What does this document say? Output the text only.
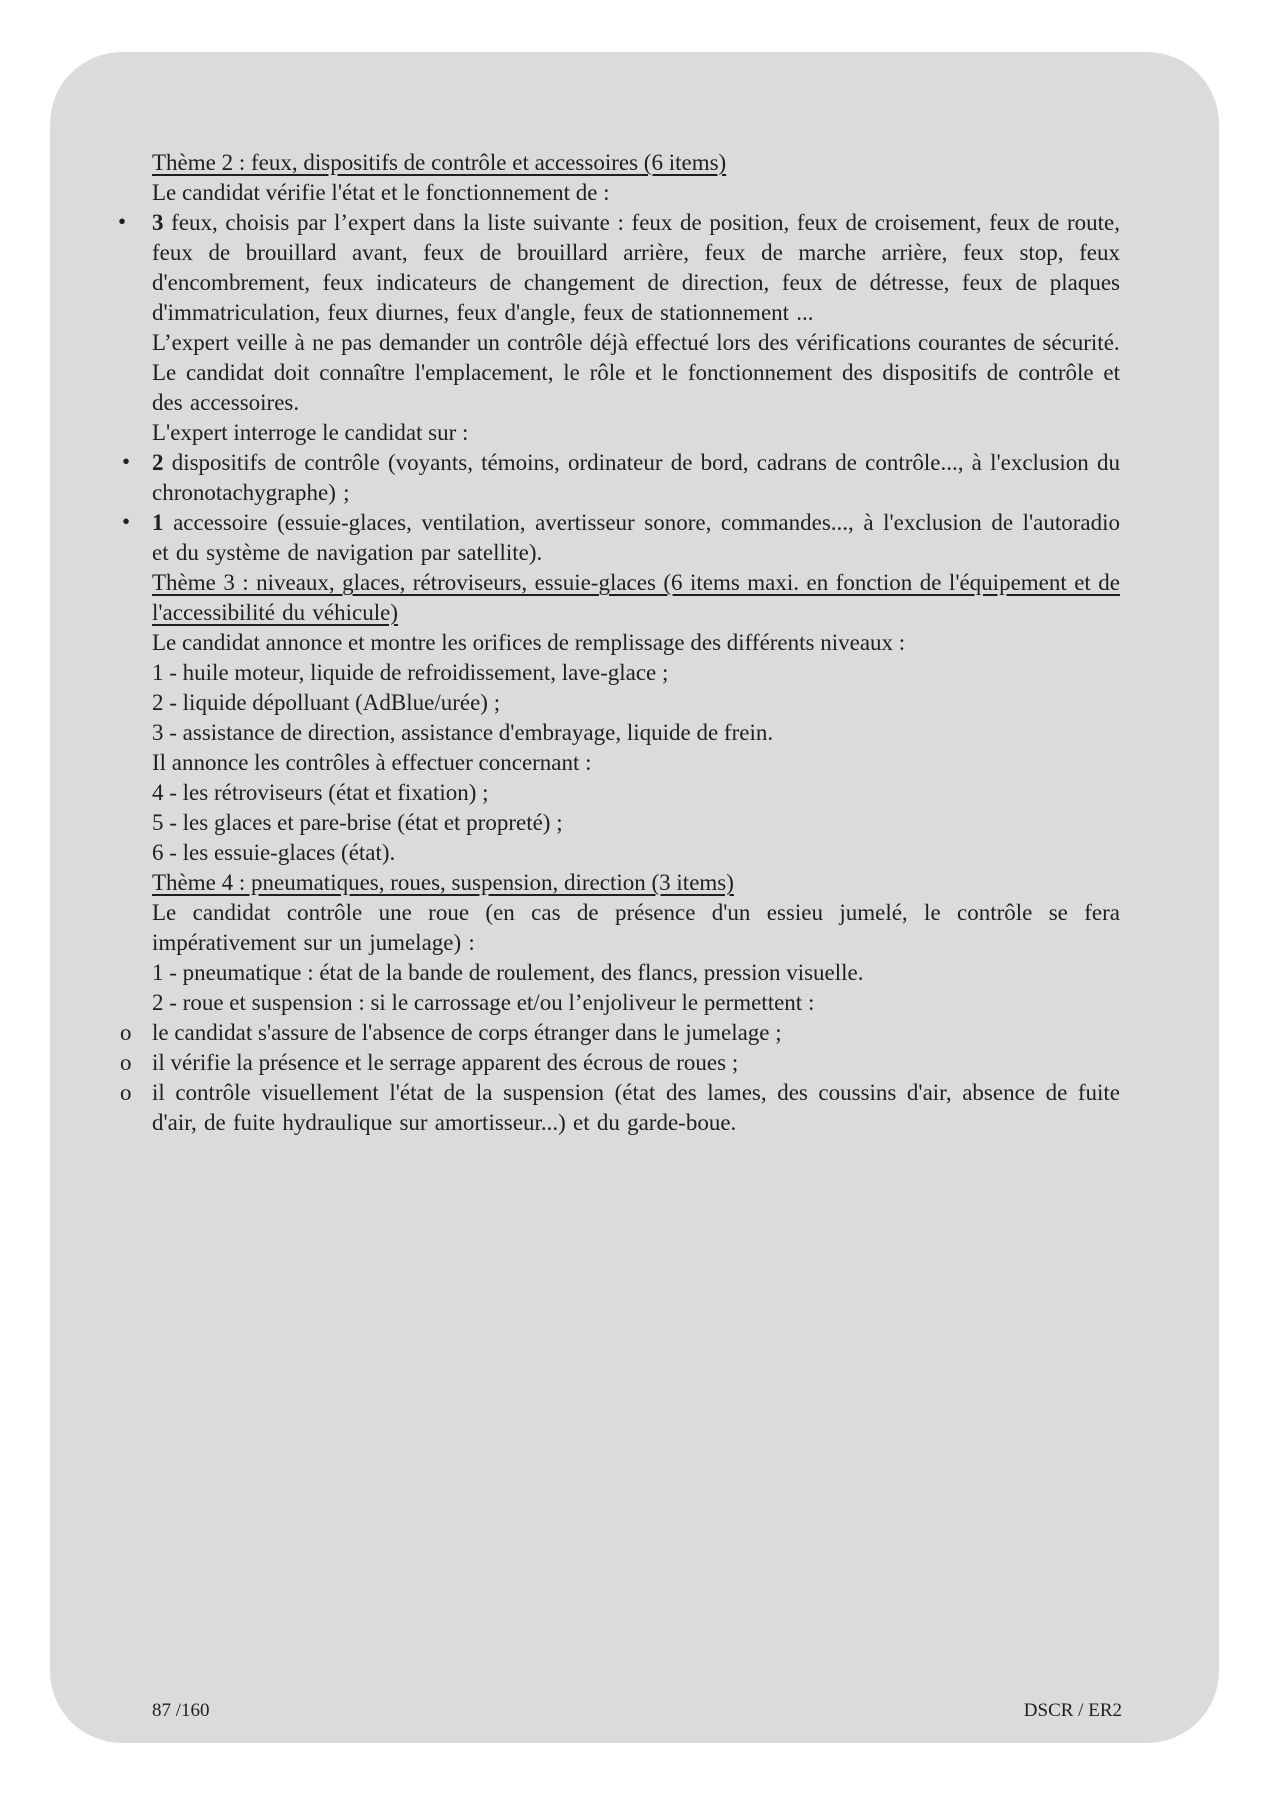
Thème 2 : feux, dispositifs de contrôle et accessoires (6 items)

Le candidat vérifie l'état et le fonctionnement de :

• 3 feux, choisis par l’expert dans la liste suivante : feux de position, feux de croisement, feux de route, feux de brouillard avant, feux de brouillard arrière, feux de marche arrière, feux stop, feux d'encombrement, feux indicateurs de changement de direction, feux de détresse, feux de plaques d'immatriculation, feux diurnes, feux d'angle, feux de stationnement ...

L’expert veille à ne pas demander un contrôle déjà effectué lors des vérifications courantes de sécurité.

Le candidat doit connaître l'emplacement, le rôle et le fonctionnement des dispositifs de contrôle et des accessoires.

L'expert interroge le candidat sur :

• 2 dispositifs de contrôle (voyants, témoins, ordinateur de bord, cadrans de contrôle..., à l'exclusion du chronotachygraphe) ;
• 1 accessoire (essuie-glaces, ventilation, avertisseur sonore, commandes..., à l'exclusion de l'autoradio et du système de navigation par satellite).

Thème 3 : niveaux, glaces, rétroviseurs, essuie-glaces (6 items maxi. en fonction de l'équipement et de l'accessibilité du véhicule)

Le candidat annonce et montre les orifices de remplissage des différents niveaux :

1 - huile moteur, liquide de refroidissement, lave-glace ;

2 - liquide dépolluant (AdBlue/urée) ;

3 - assistance de direction, assistance d'embrayage, liquide de frein.

Il annonce les contrôles à effectuer concernant :

4 - les rétroviseurs (état et fixation) ;

5 - les glaces et pare-brise (état et propreté) ;

6 - les essuie-glaces (état).

Thème 4 : pneumatiques, roues, suspension, direction (3 items)

Le candidat contrôle une roue (en cas de présence d'un essieu jumelé, le contrôle se fera impérativement sur un jumelage) :

1 - pneumatique : état de la bande de roulement, des flancs, pression visuelle.

2 - roue et suspension : si le carrossage et/ou l’enjoliveur le permettent :

o le candidat s'assure de l'absence de corps étranger dans le jumelage ;
o il vérifie la présence et le serrage apparent des écrous de roues ;
o il contrôle visuellement l'état de la suspension (état des lames, des coussins d'air, absence de fuite d'air, de fuite hydraulique sur amortisseur...) et du garde-boue.
87 /160	DSCR / ER2
